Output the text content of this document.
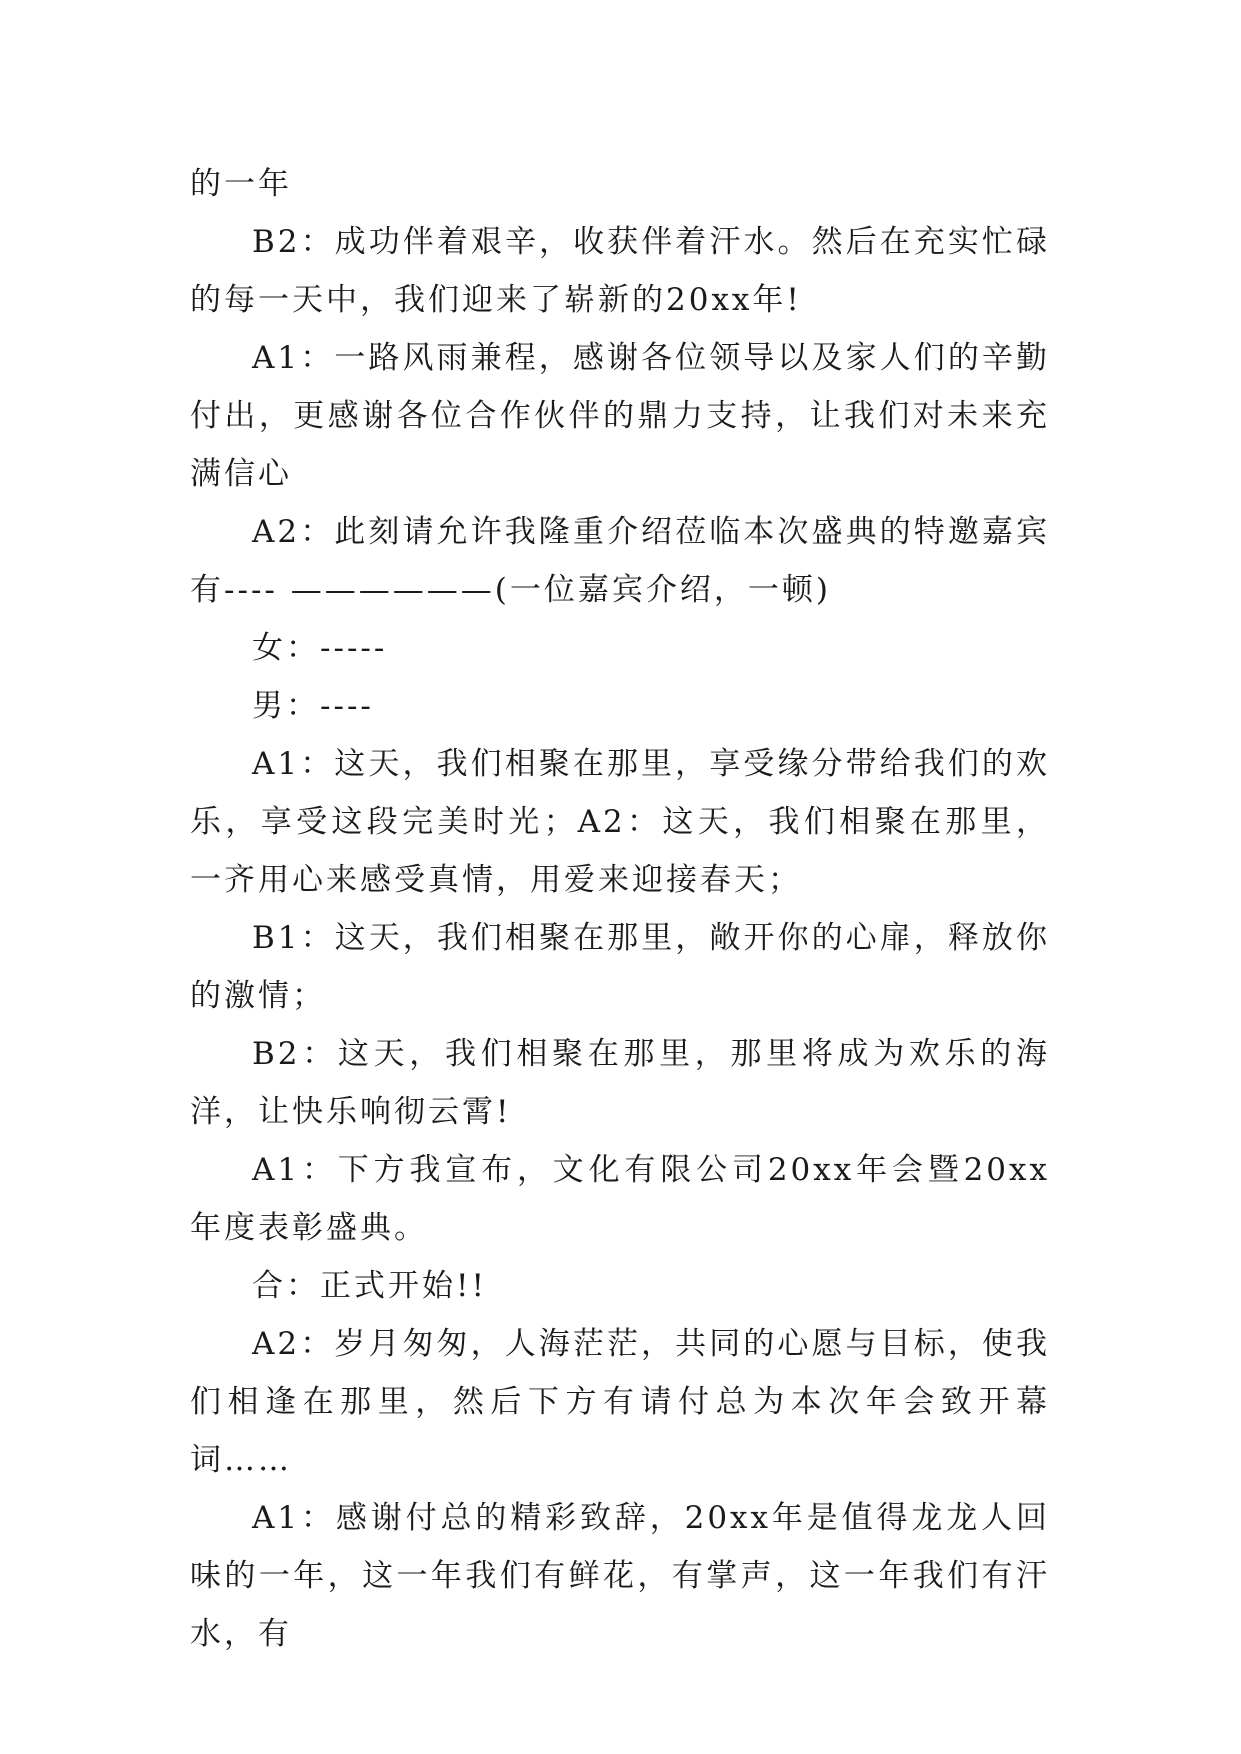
的一年

B2：成功伴着艰辛，收获伴着汗水。然后在充实忙碌的每一天中，我们迎来了崭新的20xx年!

A1：一路风雨兼程，感谢各位领导以及家人们的辛勤付出，更感谢各位合作伙伴的鼎力支持，让我们对未来充满信心

A2：此刻请允许我隆重介绍莅临本次盛典的特邀嘉宾有---- ——————(一位嘉宾介绍，一顿)

女：-----

男：----

A1：这天，我们相聚在那里，享受缘分带给我们的欢乐，享受这段完美时光；A2：这天，我们相聚在那里，一齐用心来感受真情，用爱来迎接春天；

B1：这天，我们相聚在那里，敞开你的心扉，释放你的激情；

B2：这天，我们相聚在那里，那里将成为欢乐的海洋，让快乐响彻云霄!

A1：下方我宣布，文化有限公司20xx年会暨20xx年度表彰盛典。

合：正式开始!!

A2：岁月匆匆，人海茫茫，共同的心愿与目标，使我们相逢在那里，然后下方有请付总为本次年会致开幕词……

A1：感谢付总的精彩致辞，20xx年是值得龙龙人回味的一年，这一年我们有鲜花，有掌声，这一年我们有汗水，有
